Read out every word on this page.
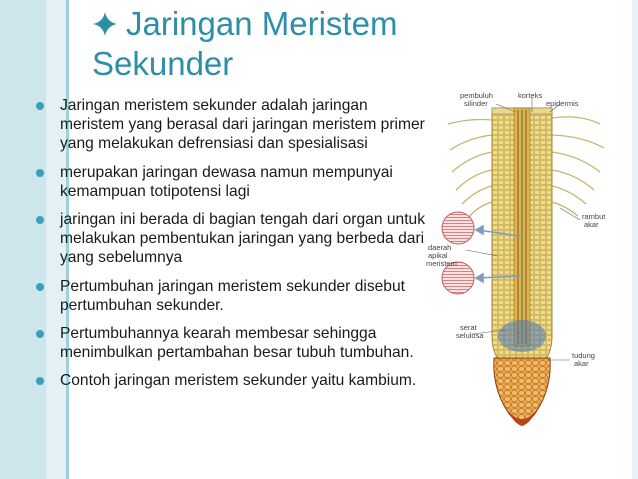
Jaringan Meristem
Sekunder
Jaringan meristem sekunder adalah jaringan meristem yang berasal dari jaringan meristem primer yang melakukan defrensiasi dan spesialisasi
merupakan jaringan dewasa namun mempunyai kemampuan totipotensi lagi
jaringan ini berada di bagian tengah dari organ untuk melakukan pembentukan jaringan yang berbeda dari yang sebelumnya
Pertumbuhan jaringan meristem sekunder disebut pertumbuhan sekunder.
Pertumbuhannya kearah membesar sehingga menimbulkan pertambahan besar tubuh tumbuhan.
Contoh jaringan meristem sekunder yaitu kambium.
pembuluh
silinder
korteks
epidermis
rambut
akar
daerah
apikal
meristem
serat
selulosa
tudung
akar
